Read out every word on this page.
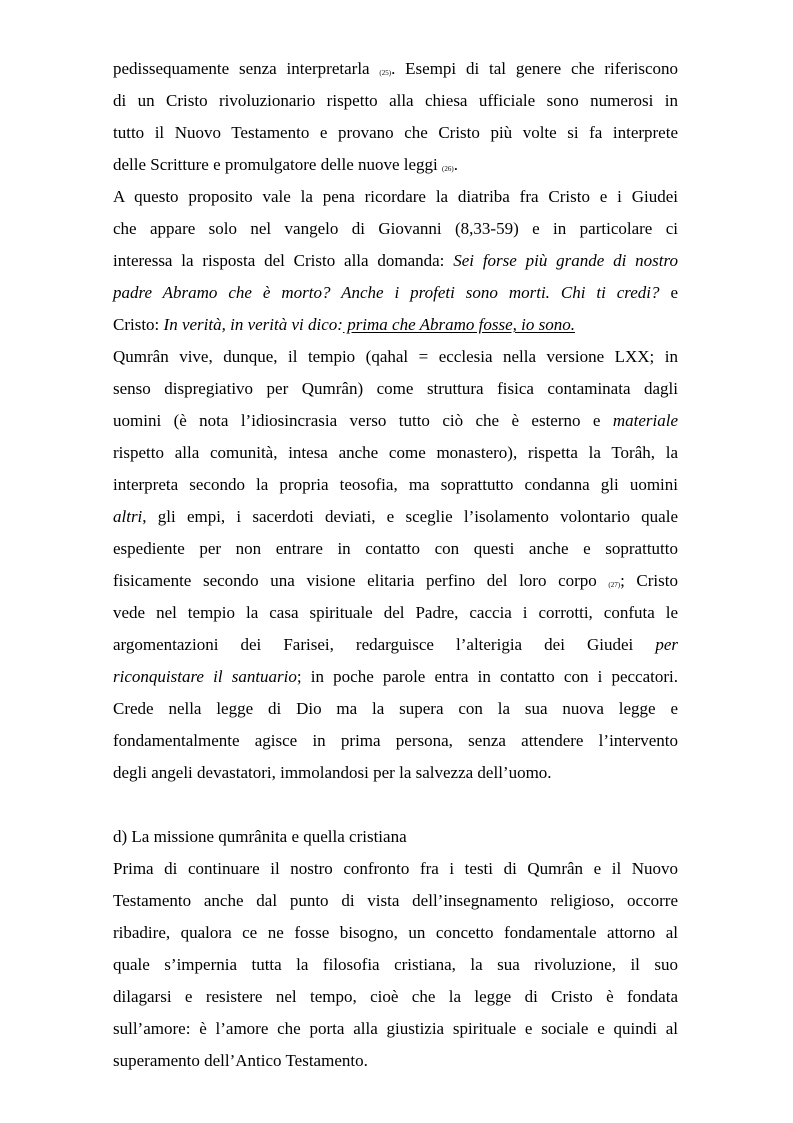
pedissequamente senza interpretarla (25). Esempi di tal genere che riferiscono
di un Cristo rivoluzionario rispetto alla chiesa ufficiale sono numerosi in
tutto il Nuovo Testamento e provano che Cristo più volte si fa interprete
delle Scritture e promulgatore delle nuove leggi (26).
A questo proposito vale la pena ricordare la diatriba fra Cristo e i Giudei
che appare solo nel vangelo di Giovanni (8,33-59) e in particolare ci
interessa la risposta del Cristo alla domanda: Sei forse più grande di nostro
padre Abramo che è morto? Anche i profeti sono morti. Chi ti credi? e
Cristo: In verità, in verità vi dico: prima che Abramo fosse, io sono.
Qumrân vive, dunque, il tempio (qahal = ecclesia nella versione LXX; in
senso dispregiativo per Qumrân) come struttura fisica contaminata dagli
uomini (è nota l’idiosincrasia verso tutto ciò che è esterno e materiale
rispetto alla comunità, intesa anche come monastero), rispetta la Torâh, la
interpreta secondo la propria teosofia, ma soprattutto condanna gli uomini
altri, gli empi, i sacerdoti deviati, e sceglie l’isolamento volontario quale
espediente per non entrare in contatto con questi anche e soprattutto
fisicamente secondo una visione elitaria perfino del loro corpo (27); Cristo
vede nel tempio la casa spirituale del Padre, caccia i corrotti, confuta le
argomentazioni dei Farisei, redarguisce l’alterigia dei Giudei per
riconquistare il santuario; in poche parole entra in contatto con i peccatori.
Crede nella legge di Dio ma la supera con la sua nuova legge e
fondamentalmente agisce in prima persona, senza attendere l’intervento
degli angeli devastatori, immolandosi per la salvezza dell’uomo.
d) La missione qumrânita e quella cristiana
Prima di continuare il nostro confronto fra i testi di Qumrân e il Nuovo
Testamento anche dal punto di vista dell’insegnamento religioso, occorre
ribadire, qualora ce ne fosse bisogno, un concetto fondamentale attorno al
quale s’impernia tutta la filosofia cristiana, la sua rivoluzione, il suo
dilagarsi e resistere nel tempo, cioè che la legge di Cristo è fondata
sull’amore: è l’amore che porta alla giustizia spirituale e sociale e quindi al
superamento dell’Antico Testamento.
